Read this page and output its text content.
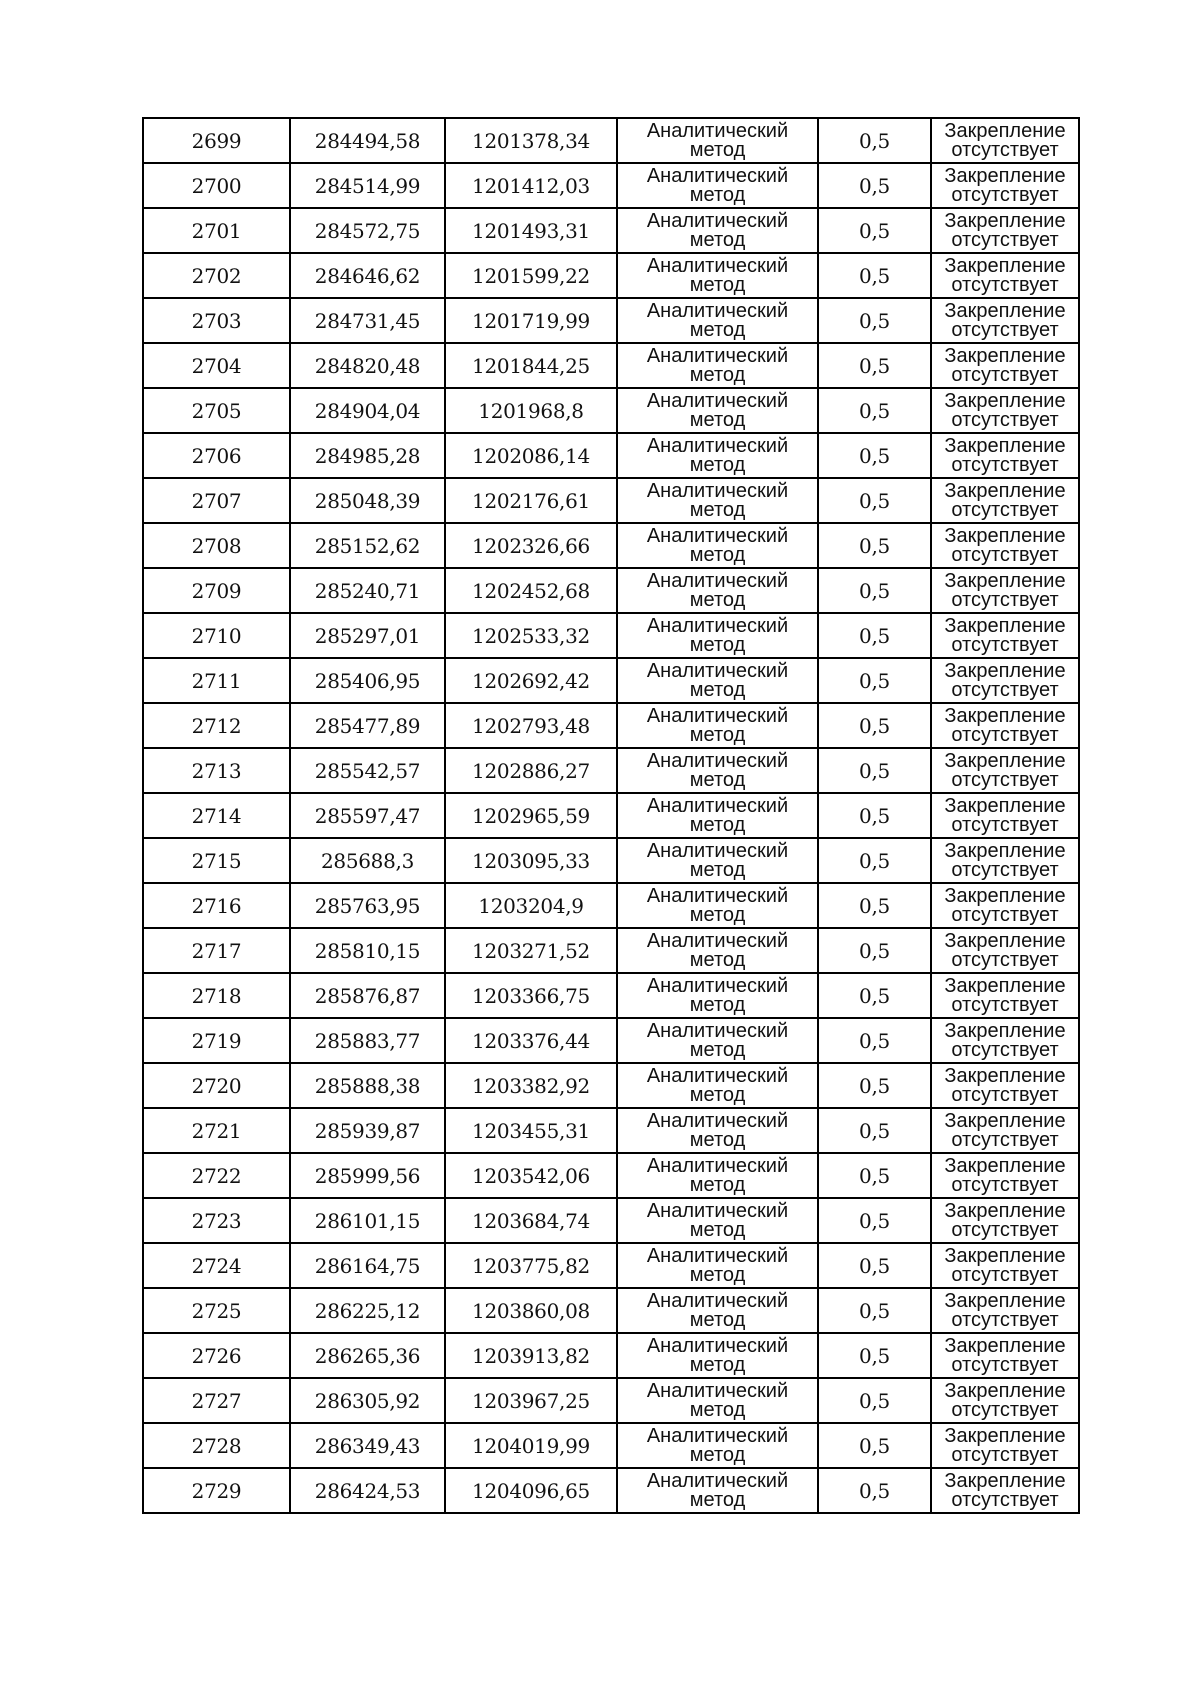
2699	284494,58	1201378,34	Аналитический
метод	0,5	Закрепление
отсутствует

2700	284514,99	1201412,03	Аналитический
метод	0,5	Закрепление
отсутствует

2701	284572,75	1201493,31	Аналитический
метод	0,5	Закрепление
отсутствует

2702	284646,62	1201599,22	Аналитический
метод	0,5	Закрепление
отсутствует

2703	284731,45	1201719,99	Аналитический
метод	0,5	Закрепление
отсутствует

2704	284820,48	1201844,25	Аналитический
метод	0,5	Закрепление
отсутствует

2705	284904,04	1201968,8	Аналитический
метод	0,5	Закрепление
отсутствует

2706	284985,28	1202086,14	Аналитический
метод	0,5	Закрепление
отсутствует

2707	285048,39	1202176,61	Аналитический
метод	0,5	Закрепление
отсутствует

2708	285152,62	1202326,66	Аналитический
метод	0,5	Закрепление
отсутствует

2709	285240,71	1202452,68	Аналитический
метод	0,5	Закрепление
отсутствует

2710	285297,01	1202533,32	Аналитический
метод	0,5	Закрепление
отсутствует

2711	285406,95	1202692,42	Аналитический
метод	0,5	Закрепление
отсутствует

2712	285477,89	1202793,48	Аналитический
метод	0,5	Закрепление
отсутствует

2713	285542,57	1202886,27	Аналитический
метод	0,5	Закрепление
отсутствует

2714	285597,47	1202965,59	Аналитический
метод	0,5	Закрепление
отсутствует

2715	285688,3	1203095,33	Аналитический
метод	0,5	Закрепление
отсутствует

2716	285763,95	1203204,9	Аналитический
метод	0,5	Закрепление
отсутствует

2717	285810,15	1203271,52	Аналитический
метод	0,5	Закрепление
отсутствует

2718	285876,87	1203366,75	Аналитический
метод	0,5	Закрепление
отсутствует

2719	285883,77	1203376,44	Аналитический
метод	0,5	Закрепление
отсутствует

2720	285888,38	1203382,92	Аналитический
метод	0,5	Закрепление
отсутствует

2721	285939,87	1203455,31	Аналитический
метод	0,5	Закрепление
отсутствует

2722	285999,56	1203542,06	Аналитический
метод	0,5	Закрепление
отсутствует

2723	286101,15	1203684,74	Аналитический
метод	0,5	Закрепление
отсутствует

2724	286164,75	1203775,82	Аналитический
метод	0,5	Закрепление
отсутствует

2725	286225,12	1203860,08	Аналитический
метод	0,5	Закрепление
отсутствует

2726	286265,36	1203913,82	Аналитический
метод	0,5	Закрепление
отсутствует

2727	286305,92	1203967,25	Аналитический
метод	0,5	Закрепление
отсутствует

2728	286349,43	1204019,99	Аналитический
метод	0,5	Закрепление
отсутствует

2729	286424,53	1204096,65	Аналитический
метод	0,5	Закрепление
отсутствует
